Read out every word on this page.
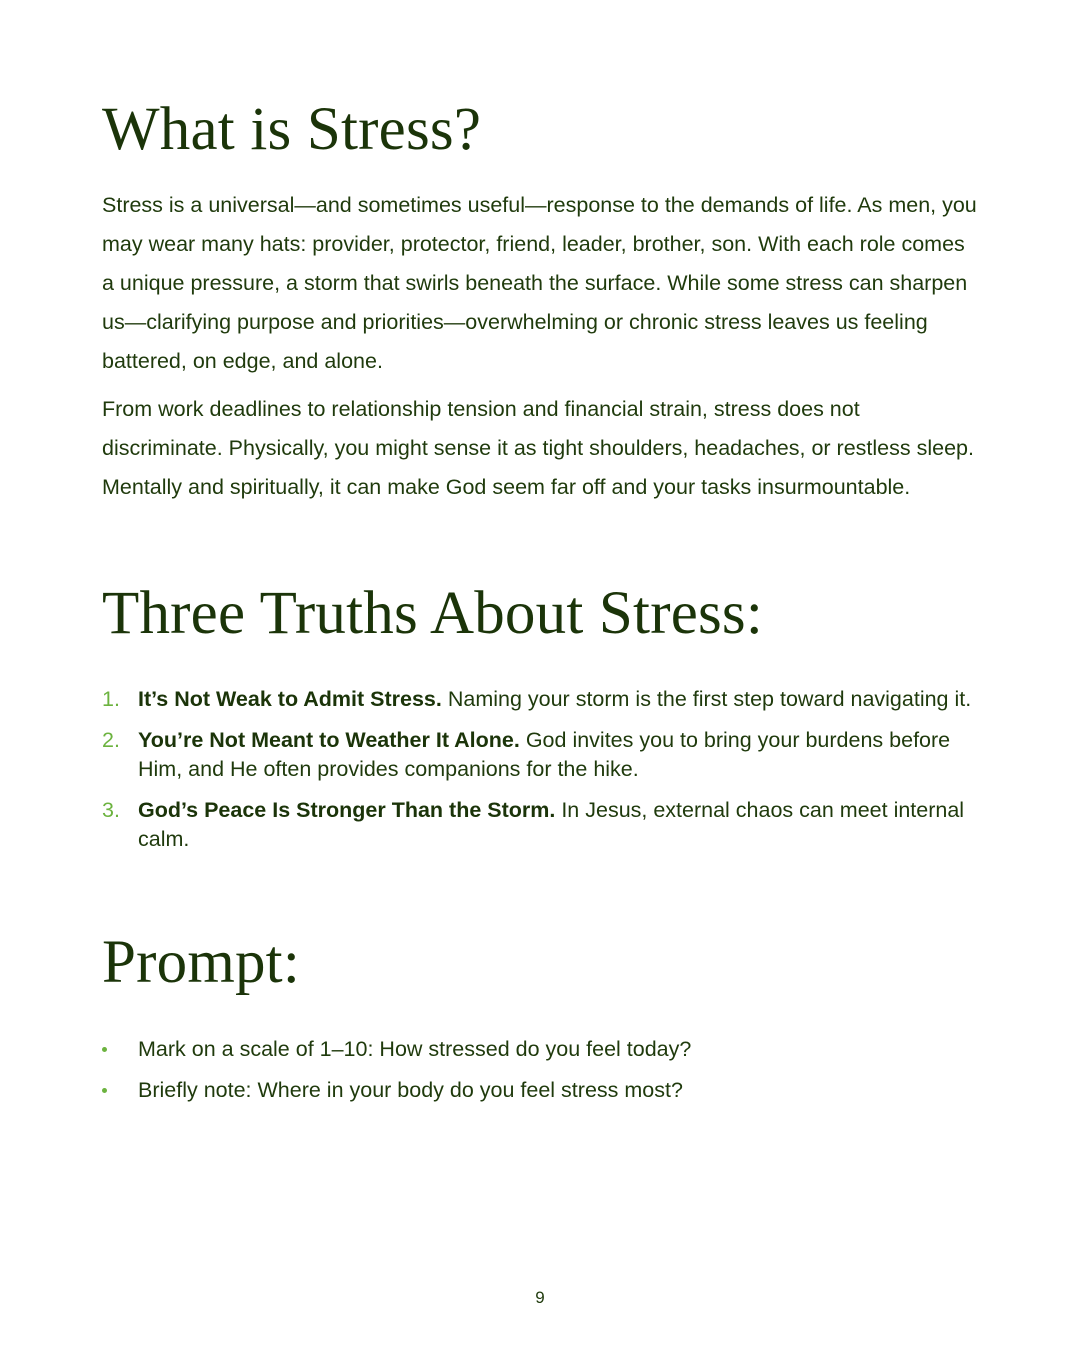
What is Stress?

Stress is a universal—and sometimes useful—response to the demands of life. As men, you may wear many hats: provider, protector, friend, leader, brother, son. With each role comes a unique pressure, a storm that swirls beneath the surface. While some stress can sharpen us—clarifying purpose and priorities—overwhelming or chronic stress leaves us feeling battered, on edge, and alone.

From work deadlines to relationship tension and financial strain, stress does not discriminate. Physically, you might sense it as tight shoulders, headaches, or restless sleep. Mentally and spiritually, it can make God seem far off and your tasks insurmountable.

Three Truths About Stress:
1. It’s Not Weak to Admit Stress. Naming your storm is the first step toward navigating it.
2. You’re Not Meant to Weather It Alone. God invites you to bring your burdens before Him, and He often provides companions for the hike.
3. God’s Peace Is Stronger Than the Storm. In Jesus, external chaos can meet internal calm.
Prompt:
Mark on a scale of 1–10: How stressed do you feel today?
Briefly note: Where in your body do you feel stress most?
9
